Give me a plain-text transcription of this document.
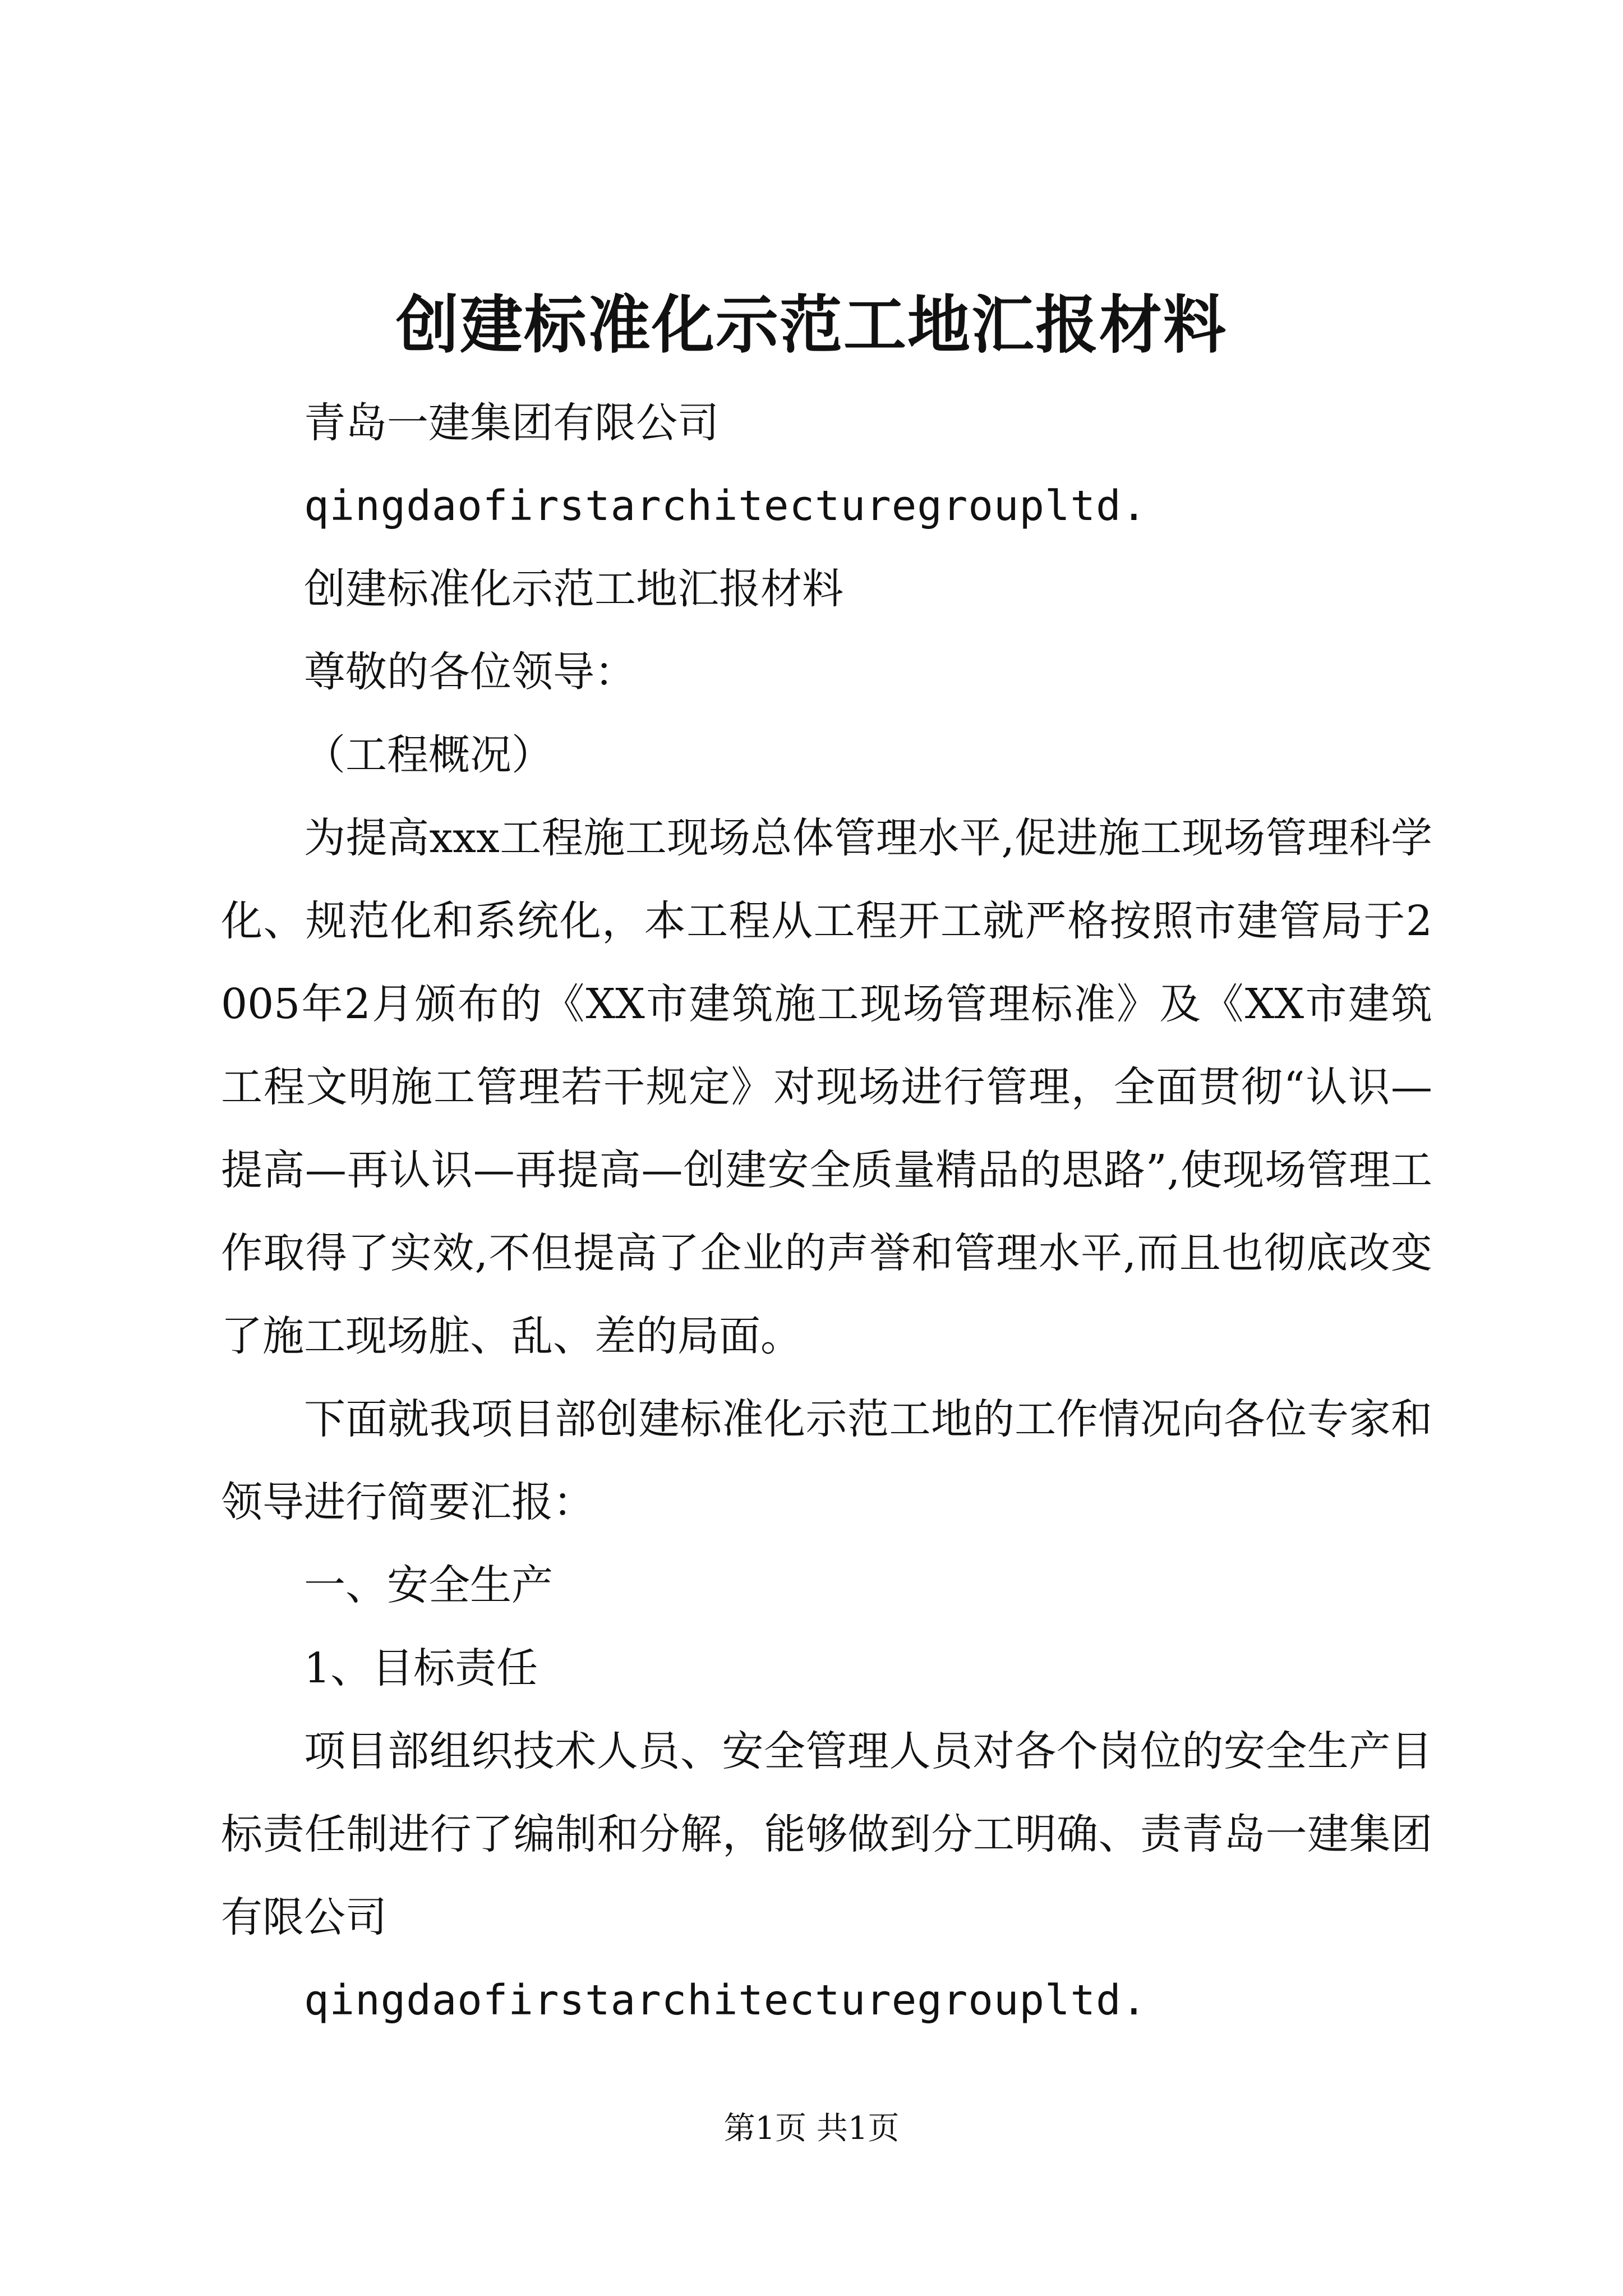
创建标准化示范工地汇报材料

青岛一建集团有限公司

qingdaofirstarchitecturegroupltd.

创建标准化示范工地汇报材料

尊敬的各位领导：

（工程概况）

为提高xxx工程施工现场总体管理水平,促进施工现场管理科学化、规范化和系统化，本工程从工程开工就严格按照市建管局于2005年2月颁布的《XX市建筑施工现场管理标准》及《XX市建筑工程文明施工管理若干规定》对现场进行管理，全面贯彻“认识—提高—再认识—再提高—创建安全质量精品的思路”,使现场管理工作取得了实效,不但提高了企业的声誉和管理水平,而且也彻底改变了施工现场脏、乱、差的局面。

下面就我项目部创建标准化示范工地的工作情况向各位专家和领导进行简要汇报：

一、安全生产

1、目标责任

项目部组织技术人员、安全管理人员对各个岗位的安全生产目标责任制进行了编制和分解，能够做到分工明确、责青岛一建集团有限公司

qingdaofirstarchitecturegroupltd.

第1页 共1页
